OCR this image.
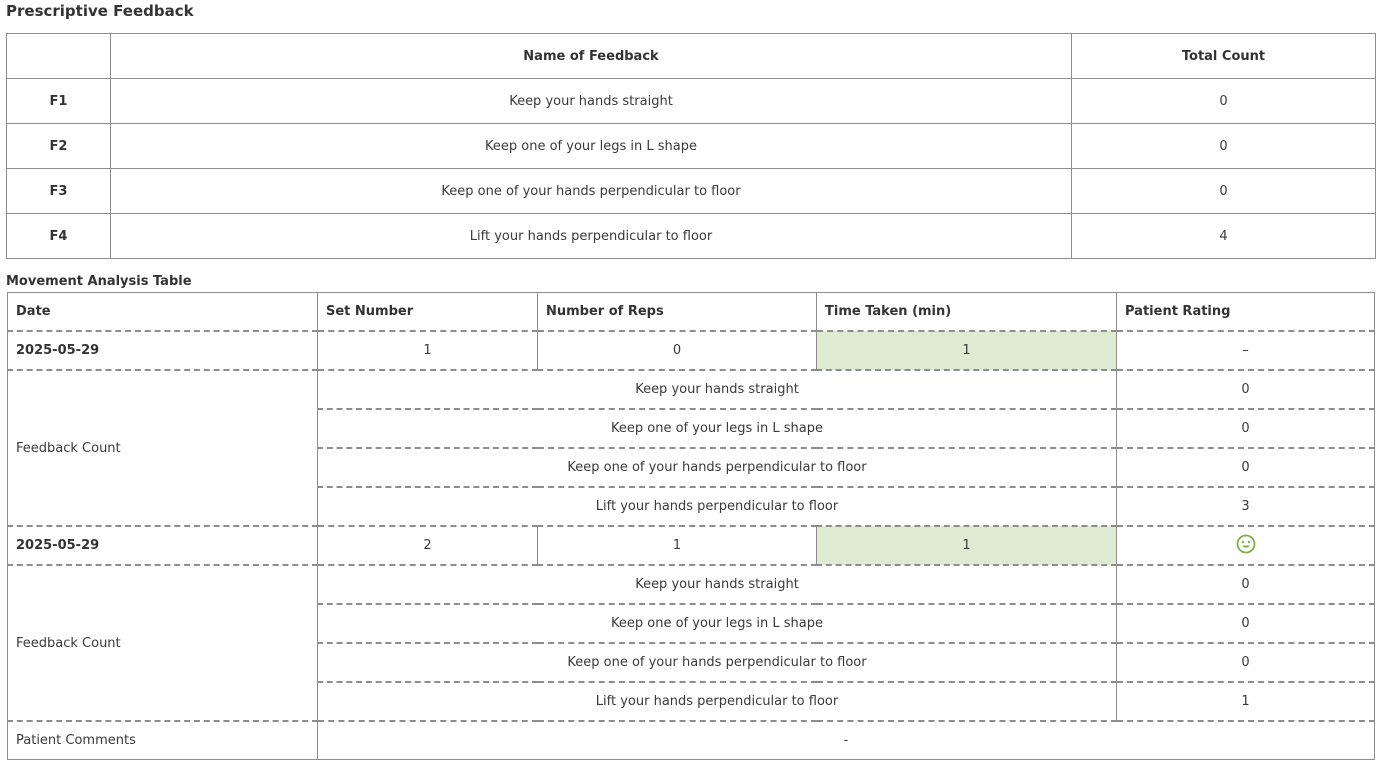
Prescriptive Feedback
	Name of Feedback	Total Count
F1	Keep your hands straight	0
F2	Keep one of your legs in L shape	0
F3	Keep one of your hands perpendicular to floor	0
F4	Lift your hands perpendicular to floor	4
Movement Analysis Table
Date	Set Number	Number of Reps	Time Taken (min)	Patient Rating
2025-05-29	1	0	1	–
Feedback Count	Keep your hands straight			0
	Keep one of your legs in L shape			0
	Keep one of your hands perpendicular to floor			0
	Lift your hands perpendicular to floor			3
2025-05-29	2	1	1	
Feedback Count	Keep your hands straight			0
	Keep one of your legs in L shape			0
	Keep one of your hands perpendicular to floor			0
	Lift your hands perpendicular to floor			1
Patient Comments	-			
